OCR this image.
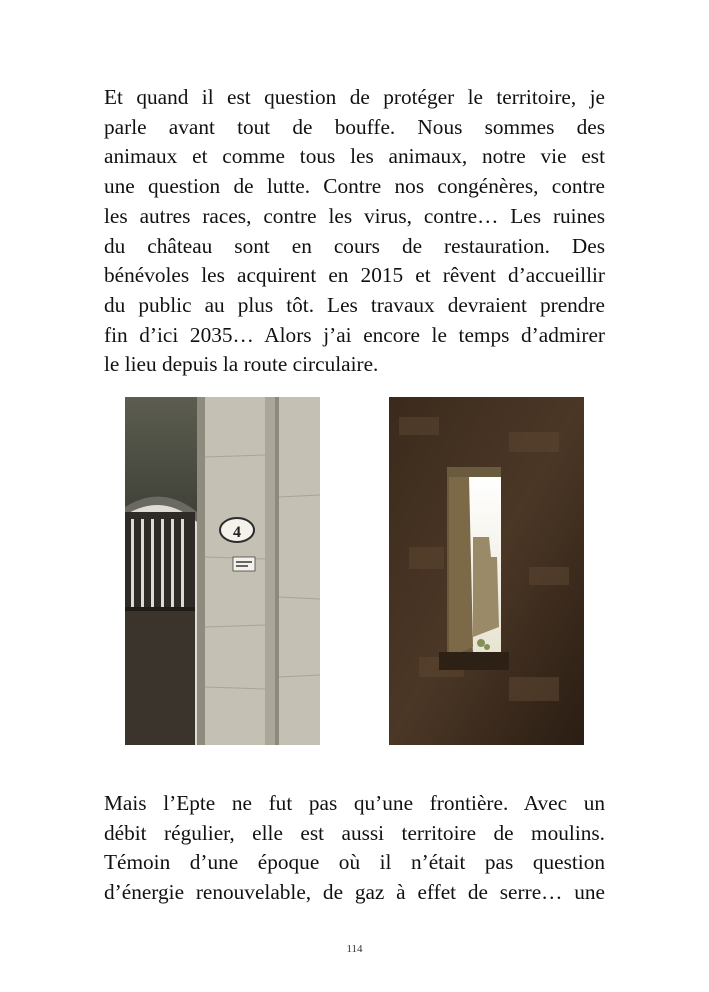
Et quand il est question de protéger le territoire, je
parle avant tout de bouffe. Nous sommes des
animaux et comme tous les animaux, notre vie est
une question de lutte. Contre nos congénères, contre
les autres races, contre les virus, contre… Les ruines
du château sont en cours de restauration. Des
bénévoles les acquirent en 2015 et rêvent d’accueillir
du public au plus tôt. Les travaux devraient prendre
fin d’ici 2035… Alors j’ai encore le temps d’admirer
le lieu depuis la route circulaire.
4
Mais l’Epte ne fut pas qu’une frontière. Avec un
débit régulier, elle est aussi territoire de moulins.
Témoin d’une époque où il n’était pas question
d’énergie renouvelable, de gaz à effet de serre… une
114
